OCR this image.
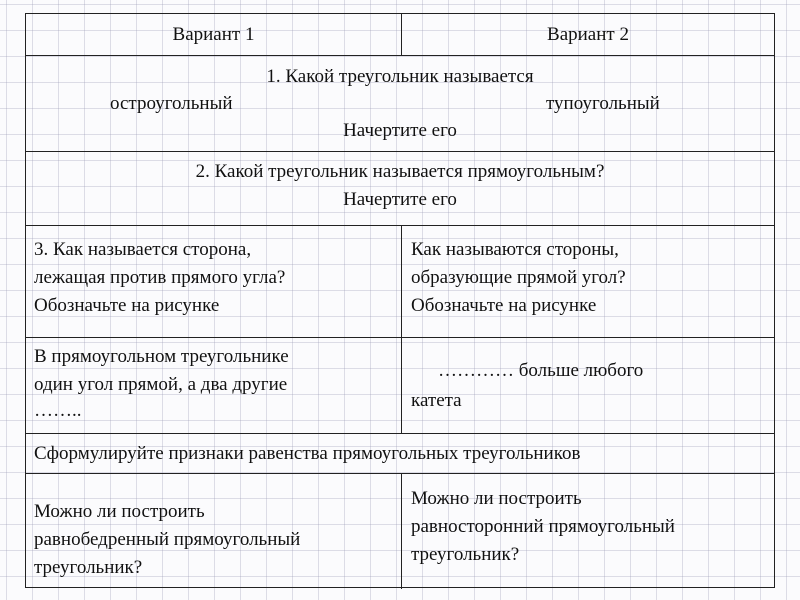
Вариант 1	Вариант 2
1. Какой треугольник называется
остроугольный	тупоугольный
Начертите его
2. Какой треугольник называется прямоугольным?
Начертите его
3. Как называется сторона,
лежащая против прямого угла?
Обозначьте на рисунке
Как называются стороны,
образующие прямой угол?
Обозначьте на рисунке
В прямоугольном треугольнике
один угол прямой, а два другие
……..
………… больше любого
катета
Сформулируйте признаки равенства прямоугольных треугольников
Можно ли построить
равнобедренный прямоугольный
треугольник?
Можно ли построить
равносторонний прямоугольный
треугольник?
